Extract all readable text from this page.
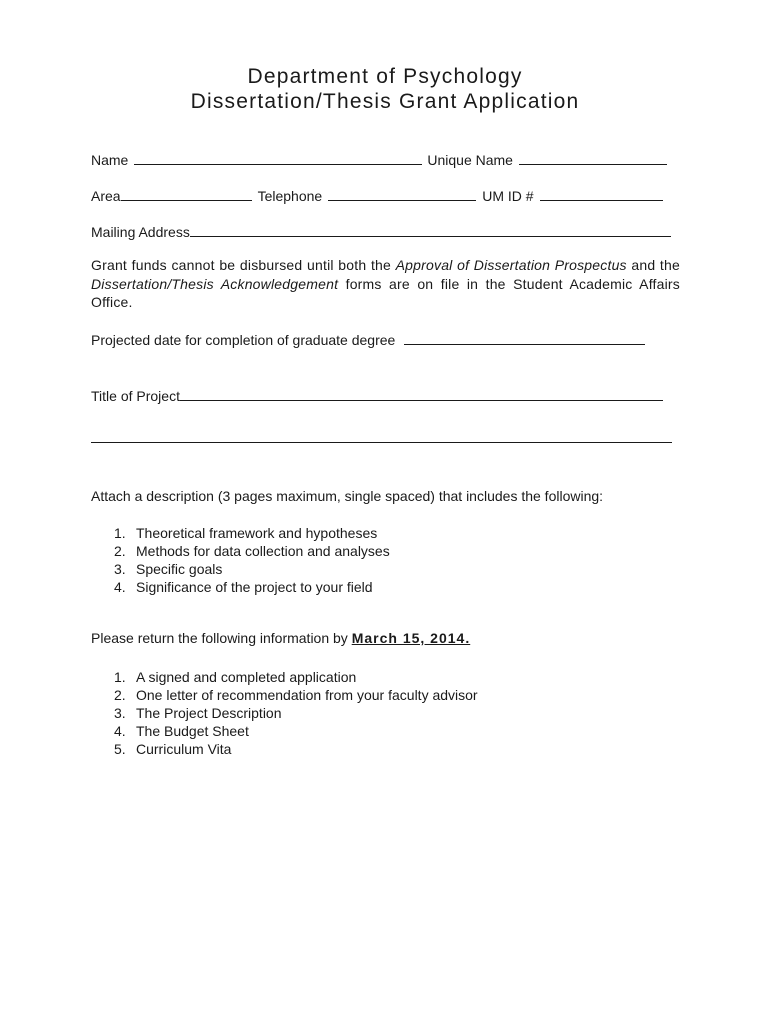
Department of Psychology
Dissertation/Thesis Grant Application
Name	Unique Name
Area	Telephone	UM ID #
Mailing Address
Grant funds cannot be disbursed until both the Approval of Dissertation Prospectus and the Dissertation/Thesis Acknowledgement forms are on file in the Student Academic Affairs Office.
Projected date for completion of graduate degree
Title of Project
Attach a description (3 pages maximum, single spaced) that includes the following:
1. Theoretical framework and hypotheses
2. Methods for data collection and analyses
3. Specific goals
4. Significance of the project to your field
Please return the following information by March 15, 2014.
1. A signed and completed application
2. One letter of recommendation from your faculty advisor
3. The Project Description
4. The Budget Sheet
5. Curriculum Vita
